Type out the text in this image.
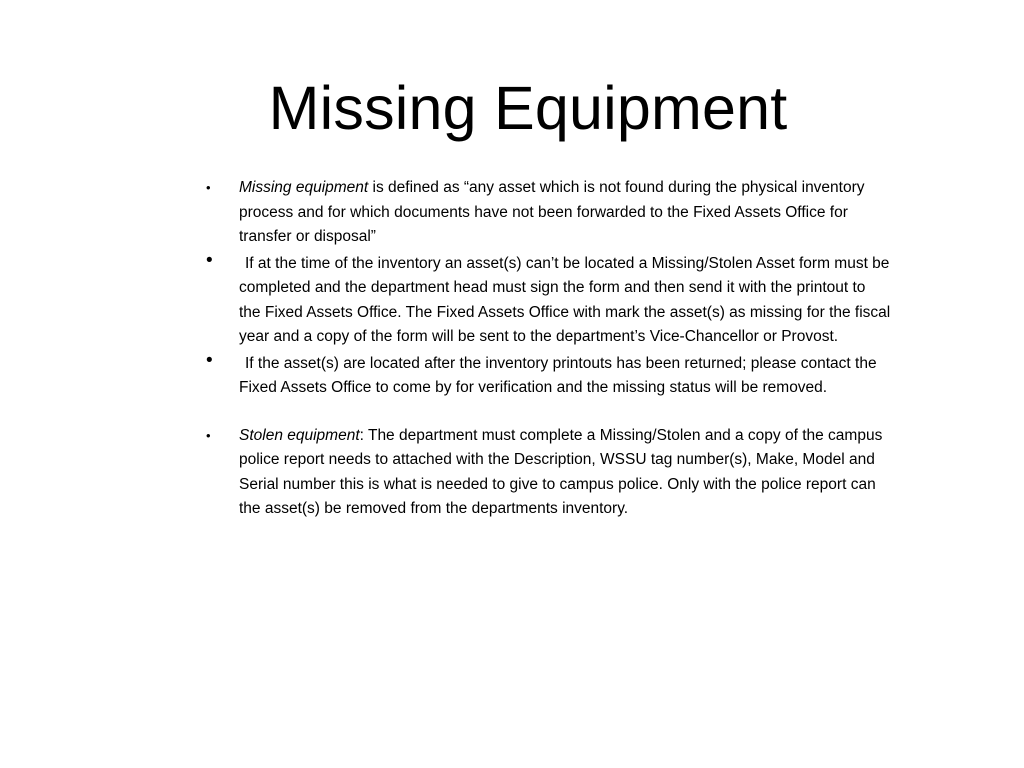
Missing Equipment
• Missing equipment is defined as “any asset which is not found during the physical inventory process and for which documents have not been forwarded to the Fixed Assets Office for transfer or disposal”
• If at the time of the inventory an asset(s) can’t be located a Missing/Stolen Asset form must be completed and the department head must sign the form and then send it with the printout to the Fixed Assets Office. The Fixed Assets Office with mark the asset(s) as missing for the fiscal year and a copy of the form will be sent to the department’s Vice-Chancellor or Provost.
• If the asset(s) are located after the inventory printouts has been returned; please contact the Fixed Assets Office to come by for verification and the missing status will be removed.
• Stolen equipment: The department must complete a Missing/Stolen and a copy of the campus police report needs to attached with the Description, WSSU tag number(s), Make, Model and Serial number this is what is needed to give to campus police. Only with the police report can the asset(s) be removed from the departments inventory.
